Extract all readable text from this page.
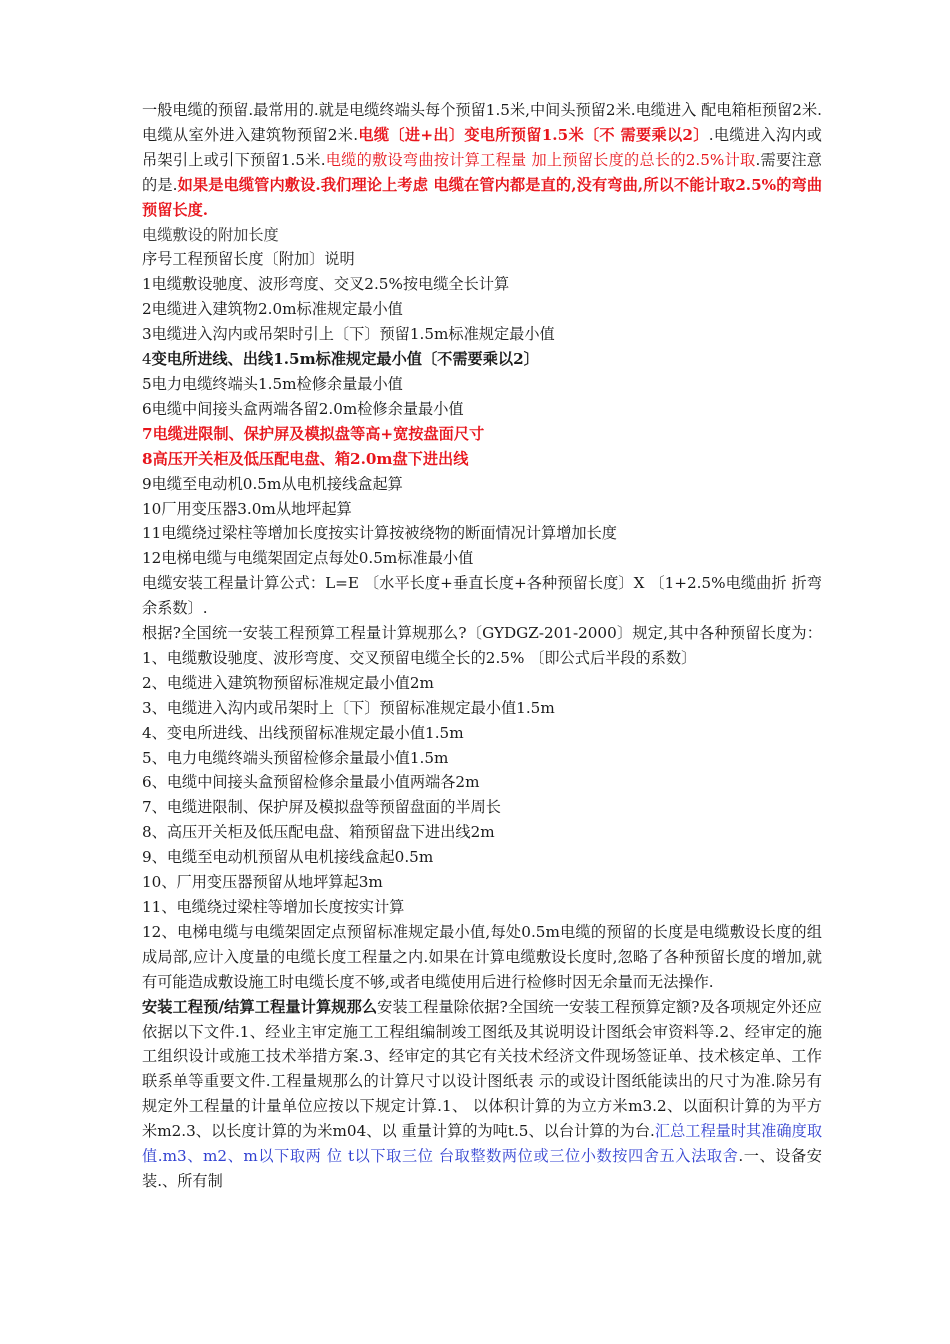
一般电缆的预留.最常用的.就是电缆终端头每个预留1.5米,中间头预留2米.电缆进入 配电箱柜预留2米.电缆从室外进入建筑物预留2米.电缆〔进+出〕变电所预留1.5米〔不 需要乘以2〕.电缆进入沟内或吊架引上或引下预留1.5米.电缆的敷设弯曲按计算工程量 加上预留长度的总长的2.5%计取.需要注意的是.如果是电缆管内敷设.我们理论上考虑 电缆在管内都是直的,没有弯曲,所以不能计取2.5%的弯曲预留长度.

电缆敷设的附加长度

序号工程预留长度〔附加〕说明

1电缆敷设驰度、波形弯度、交叉2.5%按电缆全长计算

2电缆进入建筑物2.0m标准规定最小值

3电缆进入沟内或吊架时引上〔下〕预留1.5m标准规定最小值

4变电所进线、出线1.5m标准规定最小值〔不需要乘以2〕

5电力电缆终端头1.5m检修余量最小值

6电缆中间接头盒两端各留2.0m检修余量最小值

7电缆进限制、保护屏及模拟盘等高+宽按盘面尺寸

8高压开关柜及低压配电盘、箱2.0m盘下进出线

9电缆至电动机0.5m从电机接线盒起算

10厂用变压器3.0m从地坪起算

11电缆绕过梁柱等增加长度按实计算按被绕物的断面情况计算增加长度

12电梯电缆与电缆架固定点每处0.5m标准最小值

电缆安装工程量计算公式：L=E 〔水平长度+垂直长度+各种预留长度〕X 〔1+2.5%电缆曲折 折弯余系数〕.

根据?全国统一安装工程预算工程量计算规那么?〔GYDGZ-201-2000〕规定,其中各种预留长度为：1、电缆敷设驰度、波形弯度、交叉预留电缆全长的2.5% 〔即公式后半段的系数〕

2、电缆进入建筑物预留标准规定最小值2m

3、电缆进入沟内或吊架时上〔下〕预留标准规定最小值1.5m

4、变电所进线、出线预留标准规定最小值1.5m

5、电力电缆终端头预留检修余量最小值1.5m

6、电缆中间接头盒预留检修余量最小值两端各2m

7、电缆进限制、保护屏及模拟盘等预留盘面的半周长

8、高压开关柜及低压配电盘、箱预留盘下进出线2m

9、电缆至电动机预留从电机接线盒起0.5m

10、厂用变压器预留从地坪算起3m

11、电缆绕过梁柱等增加长度按实计算

12、电梯电缆与电缆架固定点预留标准规定最小值,每处0.5m电缆的预留的长度是电缆敷设长度的组成局部,应计入度量的电缆长度工程量之内.如果在计算电缆敷设长度时,忽略了各种预留长度的增加,就有可能造成敷设施工时电缆长度不够,或者电缆使用后进行检修时因无余量而无法操作.

安装工程预/结算工程量计算规那么安装工程量除依据?全国统一安装工程预算定额?及各项规定外还应依据以下文件.1、经业主审定施工工程组编制竣工图纸及其说明设计图纸会审资料等.2、经审定的施工组织设计或施工技术举措方案.3、经审定的其它有关技术经济文件现场签证单、技术核定单、工作联系单等重要文件.工程量规那么的计算尺寸以设计图纸表 示的或设计图纸能读出的尺寸为准.除另有规定外工程量的计量单位应按以下规定计算.1、 以体积计算的为立方米m3.2、以面积计算的为平方米m2.3、以长度计算的为米m04、以 重量计算的为吨t.5、以台计算的为台.汇总工程量时其准确度取值.m3、m2、m以下取两 位 t以下取三位 台取整数两位或三位小数按四舍五入法取舍.一、设备安装.、所有制
